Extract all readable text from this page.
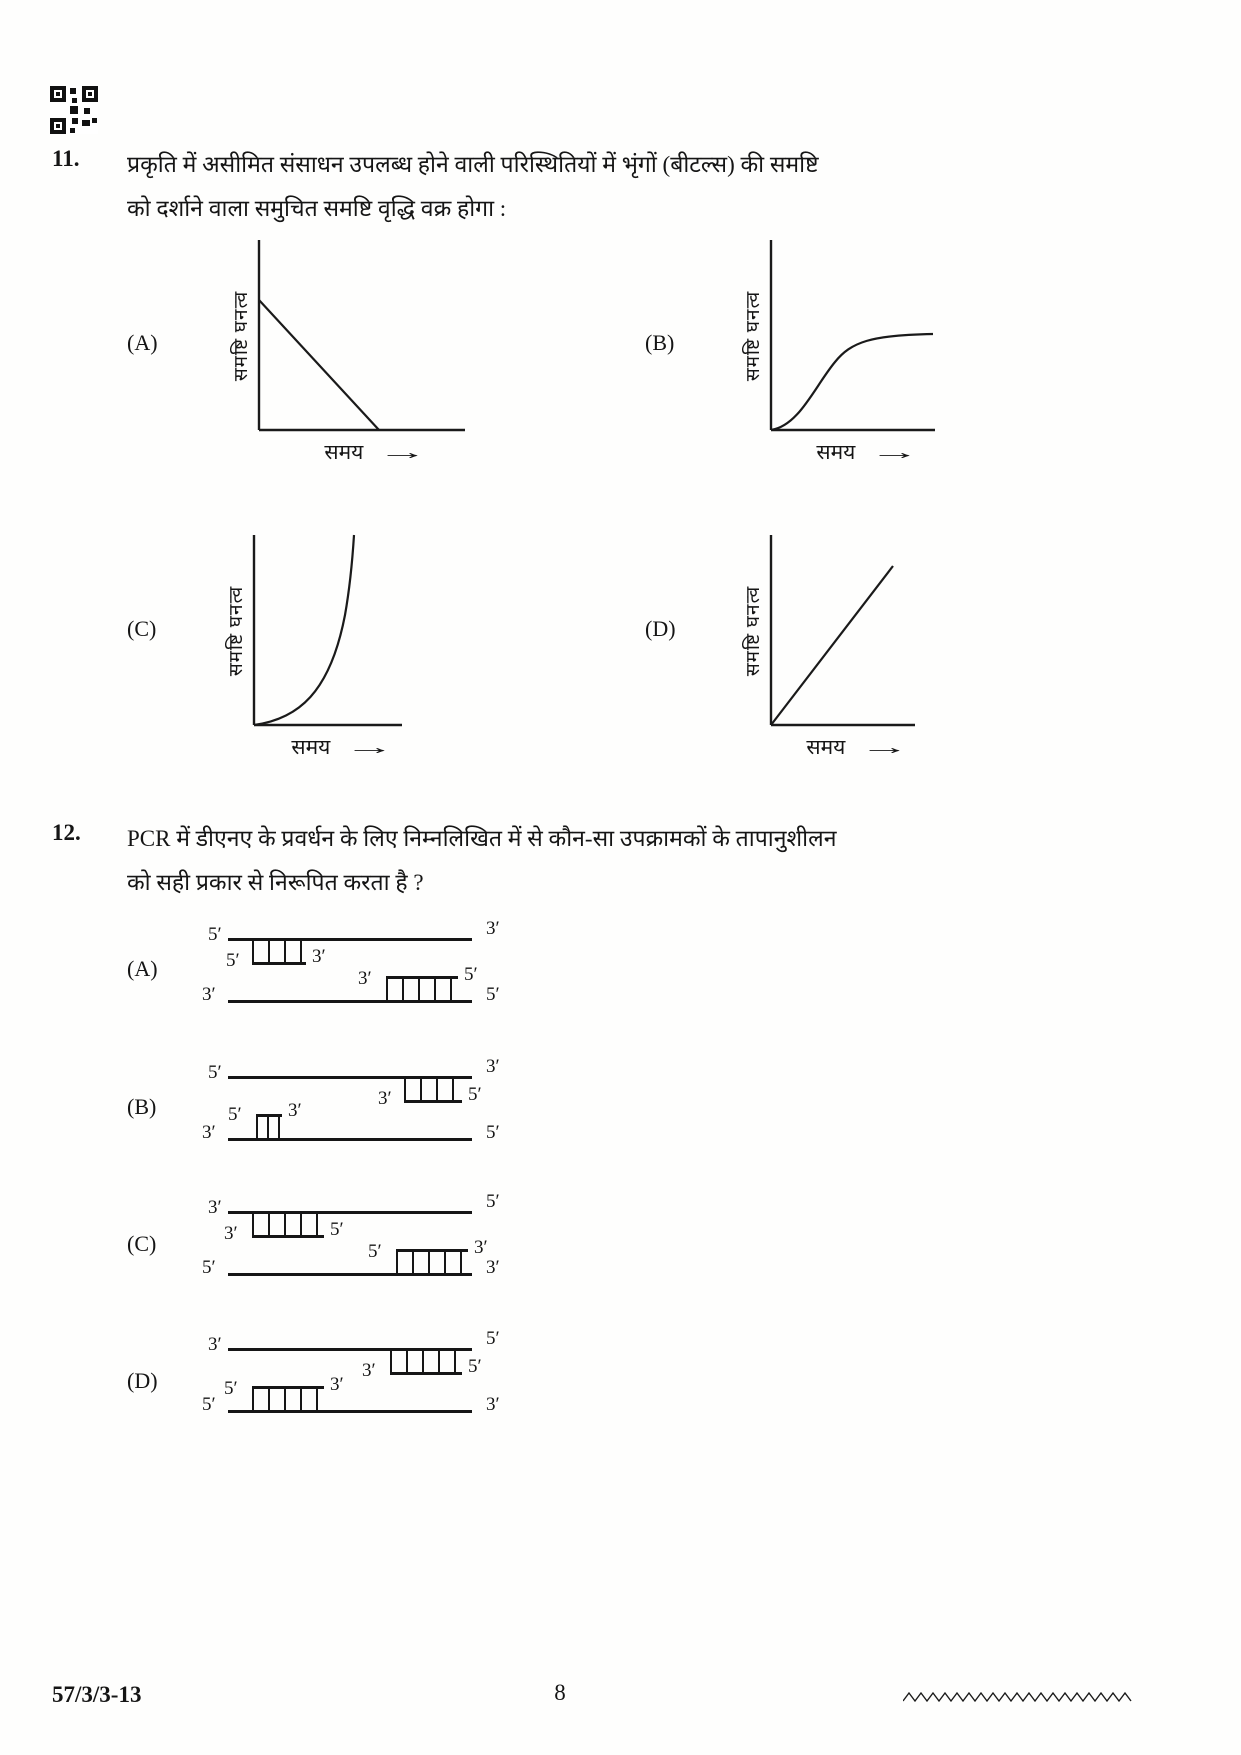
11. प्रकृति में असीमित संसाधन उपलब्ध होने वाली परिस्थितियों में भृंगों (बीटल्स) की समष्टि
को दर्शाने वाला समुचित समष्टि वृद्धि वक्र होगा :
(A)	समष्टि घनत्व
समय →
(B)	समष्टि घनत्व
समय →
(C)	समष्टि घनत्व
समय →
(D)	समष्टि घनत्व
समय →
12. PCR में डीएनए के प्रवर्धन के लिए निम्नलिखित में से कौन-सा उपक्रामकों के तापानुशीलन
को सही प्रकार से निरूपित करता है ?
(A)
5′	3′
5′	3′
3′	5′
3′	5′
(B)
5′	3′
3′	5′
5′ 3′
3′	5′
(C)
3′	5′
3′	5′
5′	3′
5′	3′
(D)
3′	5′
3′	5′
5′	3′
5′	3′
57/3/3-13	8
